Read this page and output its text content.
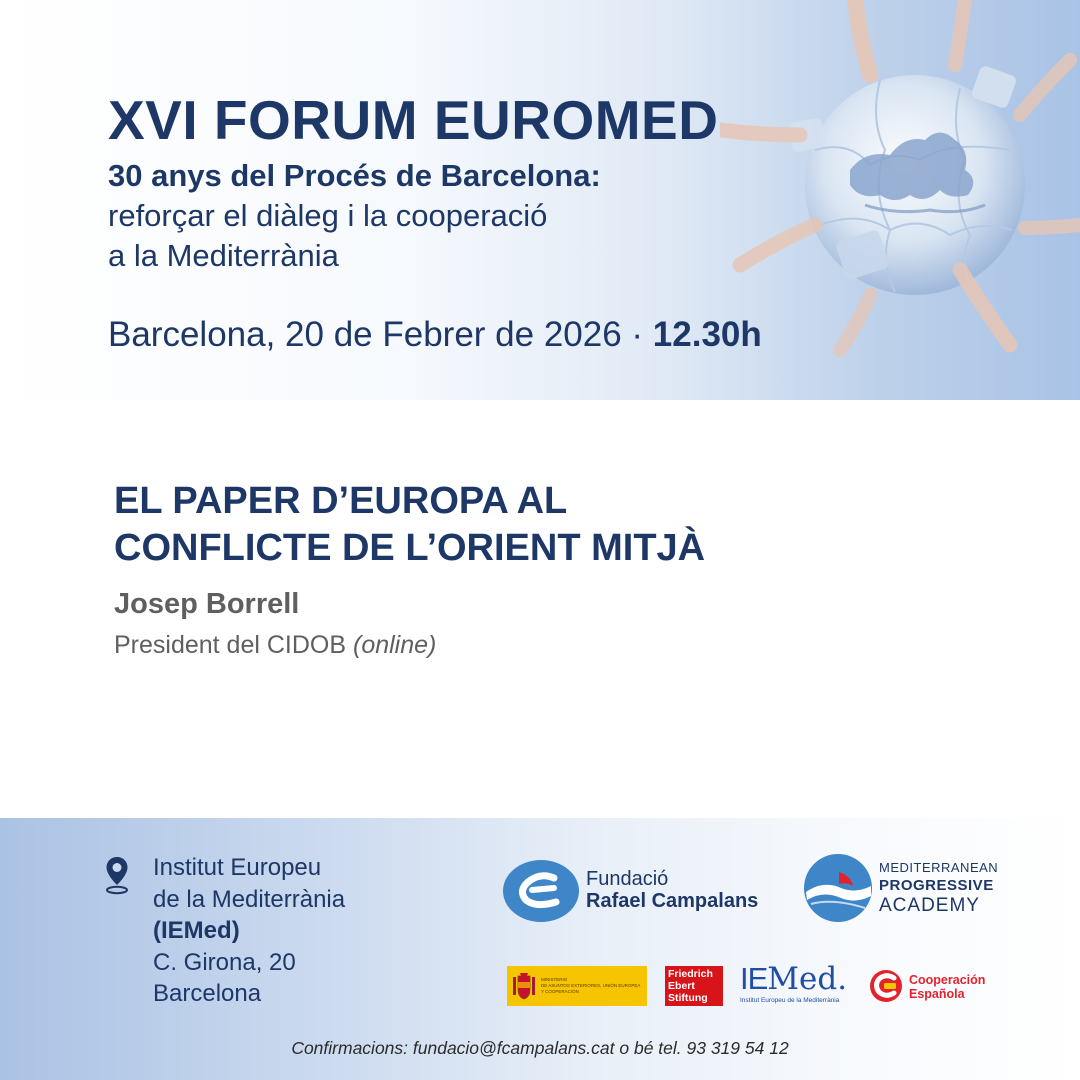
XVI FORUM EUROMED
30 anys del Procés de Barcelona:
reforçar el diàleg i la cooperació
a la Mediterrània
Barcelona, 20 de Febrer de 2026 · 12.30h
EL PAPER D’EUROPA AL
CONFLICTE DE L’ORIENT MITJÀ
Josep Borrell
President del CIDOB (online)
Institut Europeu
de la Mediterrània
(IEMed)
C. Girona, 20
Barcelona
Fundació
Rafael Campalans
MEDITERRANEAN
PROGRESSIVE
ACADEMY
MINISTERIO
DE ASUNTOS EXTERIORES, UNIÓN EUROPEA
Y COOPERACIÓN
Friedrich
Ebert
Stiftung
IEMed.
Institut Europeu de la Mediterrània
Cooperación
Española
Confirmacions: fundacio@fcampalans.cat o bé tel. 93 319 54 12
